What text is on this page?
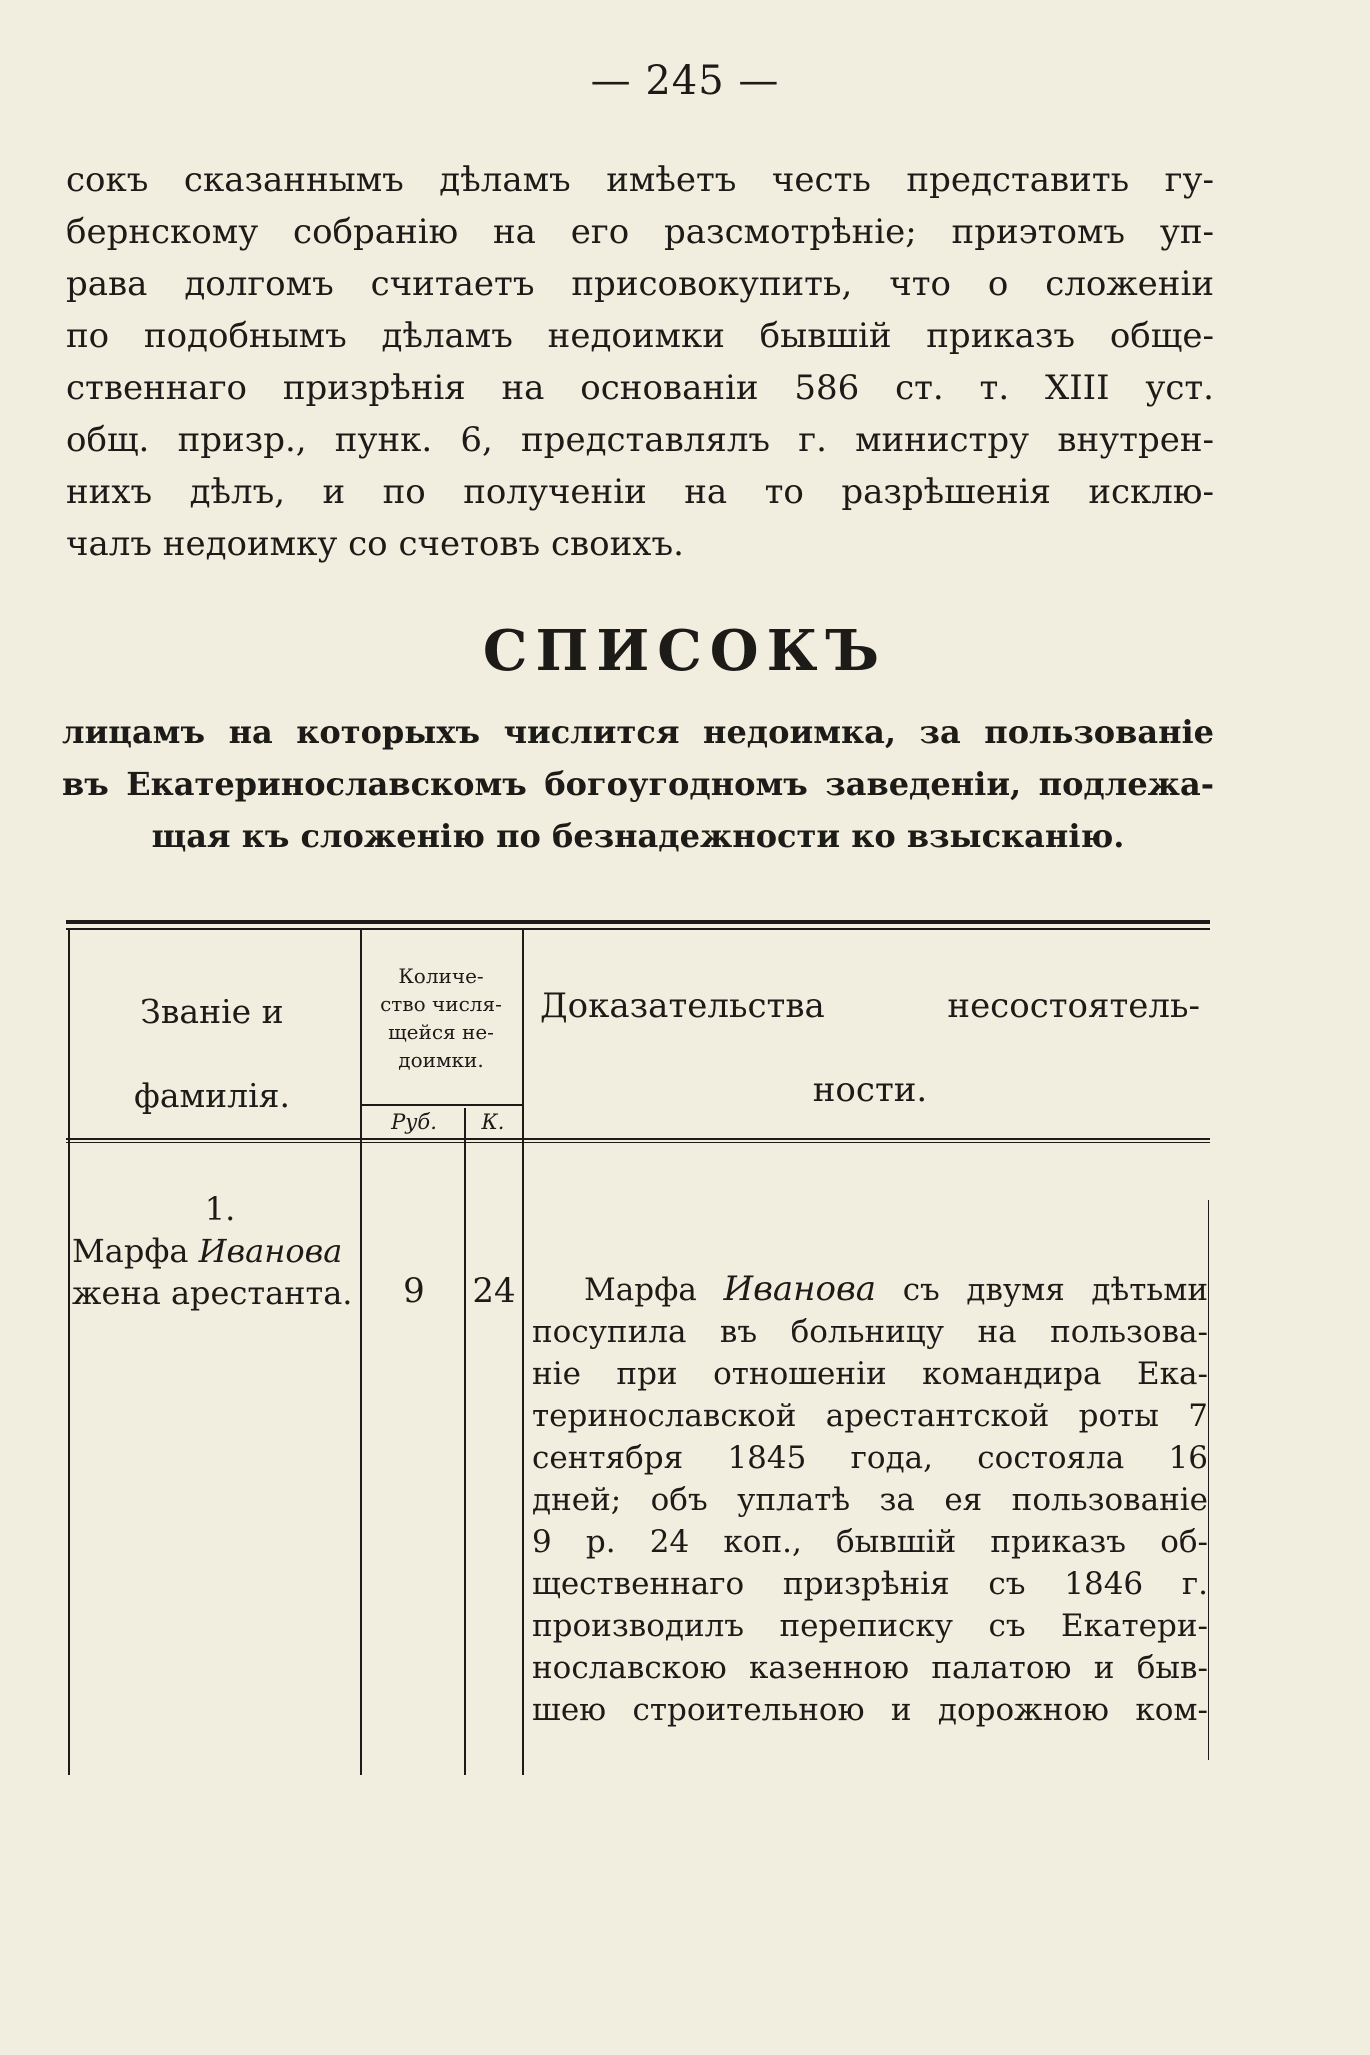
— 245 —
сокъ сказаннымъ дѣламъ имѣетъ честь представить гу-
бернскому собранію на его разсмотрѣніе; приэтомъ уп-
рава долгомъ считаетъ присовокупить, что о сложеніи
по подобнымъ дѣламъ недоимки бывшій приказъ обще-
ственнаго призрѣнія на основаніи 586 ст. т. XIII уст.
общ. призр., пунк. 6, представлялъ г. министру внутрен-
нихъ дѣлъ, и по полученіи на то разрѣшенія исклю-
чалъ недоимку со счетовъ своихъ.
СПИСОКЪ
лицамъ на которыхъ числится недоимка, за пользованіе
въ Екатеринославскомъ богоугодномъ заведеніи, подлежа-
щая къ сложенію по безнадежности ко взысканію.
Званіе и
фамилія.
Количе-
ство числя-
щейся не-
доимки.
Руб.	К.
Доказательства несостоятель-
ности.
1.
Марфа Иванова
жена арестанта.	9	24	Марфа Иванова съ двумя дѣтьми
посупила въ больницу на пользова-
ніе при отношеніи командира Ека-
теринославской арестантской роты 7
сентября 1845 года, состояла 16
дней; объ уплатѣ за ея пользованіе
9 р. 24 коп., бывшій приказъ об-
щественнаго призрѣнія съ 1846 г.
производилъ переписку съ Екатери-
нославскою казенною палатою и быв-
шею строительною и дорожною ком-
